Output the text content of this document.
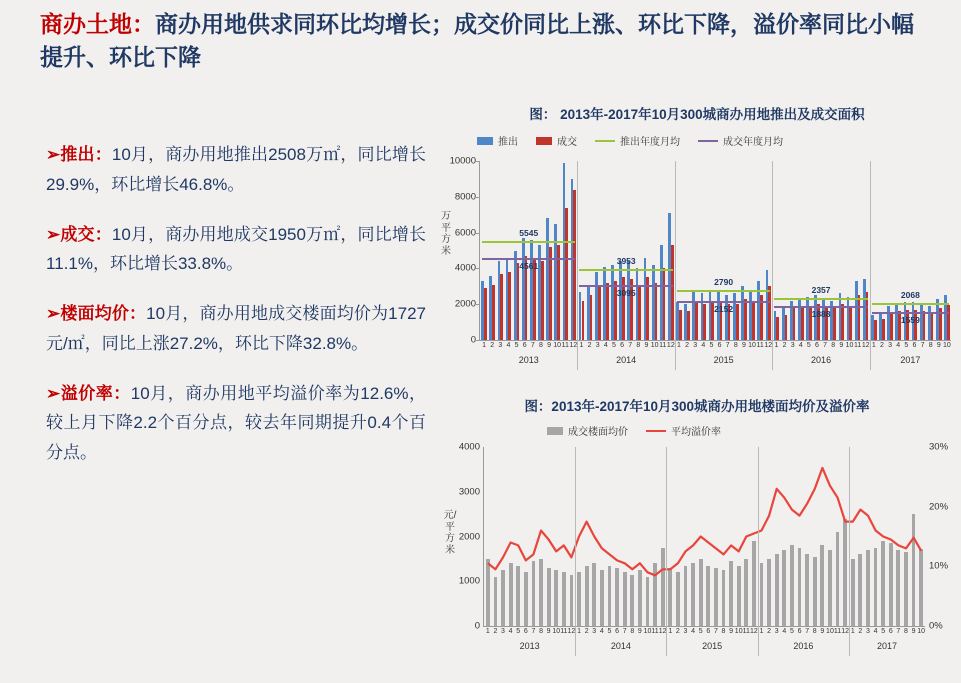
商办土地：商办用地供求同环比均增长；成交价同比上涨、环比下降，溢价率同比小幅提升、环比下降
➢推出：10月，商办用地推出2508万㎡，同比增长29.9%，环比增长46.8%。
➢成交：10月，商办用地成交1950万㎡，同比增长11.1%，环比增长33.8%。
➢楼面均价：10月，商办用地成交楼面均价为1727元/㎡，同比上涨27.2%，环比下降32.8%。
➢溢价率：10月，商办用地平均溢价率为12.6%，较上月下降2.2个百分点，较去年同期提升0.4个百分点。
图： 2013年-2017年10月300城商办用地推出及成交面积
推出	成交	推出年度月均	成交年度月均
万平方米
1 2 3 4 5 6 7 8 9 10 11 12 1 2 3 4 5 6 7 8 9 10 11 12 1 2 3 4 5 6 7 8 9 10 11 12 1 2 3 4 5 6 7 8 9 10 11 12 1 2 3 4 5 6 7 8 9 10
2013	2014	2015	2016	2017
0
2000
4000
6000
8000
10000
5545
4561
3953
3095
2790
2152
2357
1888
2068
1559
图：2013年-2017年10月300城商办用地楼面均价及溢价率
成交楼面均价	平均溢价率
元/平方米
1 2 3 4 5 6 7 8 9 10 11 12 1 2 3 4 5 6 7 8 9 10 11 12 1 2 3 4 5 6 7 8 9 10 11 12 1 2 3 4 5 6 7 8 9 10 11 12 1 2 3 4 5 6 7 8 9 10
2013	2014	2015	2016	2017
0
1000
2000
3000
4000
0%
10%
20%
30%
